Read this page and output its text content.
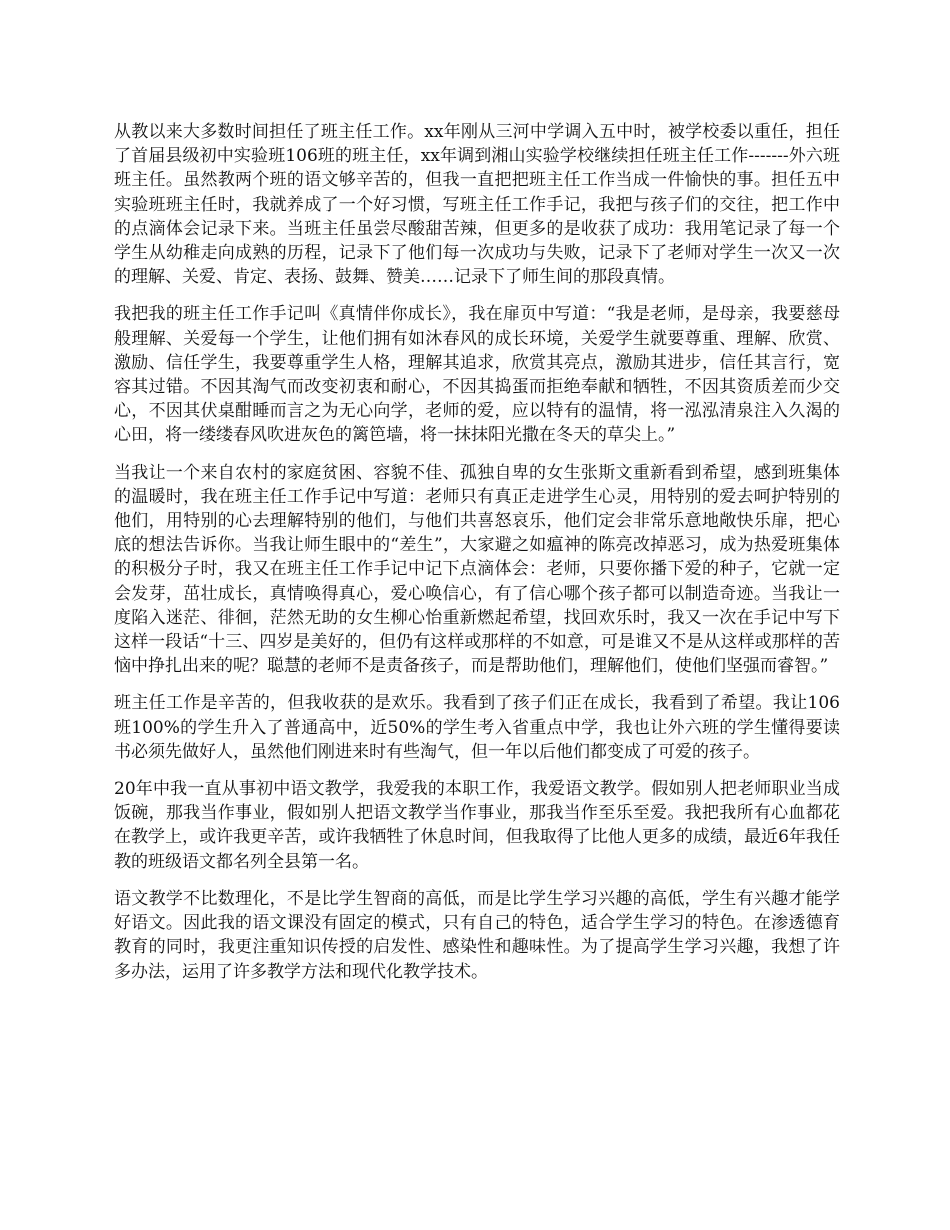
从教以来大多数时间担任了班主任工作。xx年刚从三河中学调入五中时，被学校委以重任，担任了首届县级初中实验班106班的班主任，xx年调到湘山实验学校继续担任班主任工作-------外六班班主任。虽然教两个班的语文够辛苦的，但我一直把把班主任工作当成一件愉快的事。担任五中实验班班主任时，我就养成了一个好习惯，写班主任工作手记，我把与孩子们的交往，把工作中的点滴体会记录下来。当班主任虽尝尽酸甜苦辣，但更多的是收获了成功：我用笔记录了每一个学生从幼稚走向成熟的历程，记录下了他们每一次成功与失败，记录下了老师对学生一次又一次的理解、关爱、肯定、表扬、鼓舞、赞美……记录下了师生间的那段真情。

我把我的班主任工作手记叫《真情伴你成长》，我在扉页中写道：“我是老师，是母亲，我要慈母般理解、关爱每一个学生，让他们拥有如沐春风的成长环境，关爱学生就要尊重、理解、欣赏、激励、信任学生，我要尊重学生人格，理解其追求，欣赏其亮点，激励其进步，信任其言行，宽容其过错。不因其淘气而改变初衷和耐心，不因其捣蛋而拒绝奉献和牺牲，不因其资质差而少交心，不因其伏桌酣睡而言之为无心向学，老师的爱，应以特有的温情，将一泓泓清泉注入久渴的心田，将一缕缕春风吹进灰色的篱笆墙，将一抹抹阳光撒在冬天的草尖上。”

当我让一个来自农村的家庭贫困、容貌不佳、孤独自卑的女生张斯文重新看到希望，感到班集体的温暖时，我在班主任工作手记中写道：老师只有真正走进学生心灵，用特别的爱去呵护特别的他们，用特别的心去理解特别的他们，与他们共喜怒哀乐，他们定会非常乐意地敞快乐扉，把心底的想法告诉你。当我让师生眼中的“差生”，大家避之如瘟神的陈亮改掉恶习，成为热爱班集体的积极分子时，我又在班主任工作手记中记下点滴体会：老师，只要你播下爱的种子，它就一定会发芽，茁壮成长，真情唤得真心，爱心唤信心，有了信心哪个孩子都可以制造奇迹。当我让一度陷入迷茫、徘徊，茫然无助的女生柳心怡重新燃起希望，找回欢乐时，我又一次在手记中写下这样一段话“十三、四岁是美好的，但仍有这样或那样的不如意，可是谁又不是从这样或那样的苦恼中挣扎出来的呢？聪慧的老师不是责备孩子，而是帮助他们，理解他们，使他们坚强而睿智。”

班主任工作是辛苦的，但我收获的是欢乐。我看到了孩子们正在成长，我看到了希望。我让106班100%的学生升入了普通高中，近50%的学生考入省重点中学，我也让外六班的学生懂得要读书必须先做好人，虽然他们刚进来时有些淘气，但一年以后他们都变成了可爱的孩子。

20年中我一直从事初中语文教学，我爱我的本职工作，我爱语文教学。假如别人把老师职业当成饭碗，那我当作事业，假如别人把语文教学当作事业，那我当作至乐至爱。我把我所有心血都花在教学上，或许我更辛苦，或许我牺牲了休息时间，但我取得了比他人更多的成绩，最近6年我任教的班级语文都名列全县第一名。

语文教学不比数理化，不是比学生智商的高低，而是比学生学习兴趣的高低，学生有兴趣才能学好语文。因此我的语文课没有固定的模式，只有自己的特色，适合学生学习的特色。在渗透德育教育的同时，我更注重知识传授的启发性、感染性和趣味性。为了提高学生学习兴趣，我想了许多办法，运用了许多教学方法和现代化教学技术。
